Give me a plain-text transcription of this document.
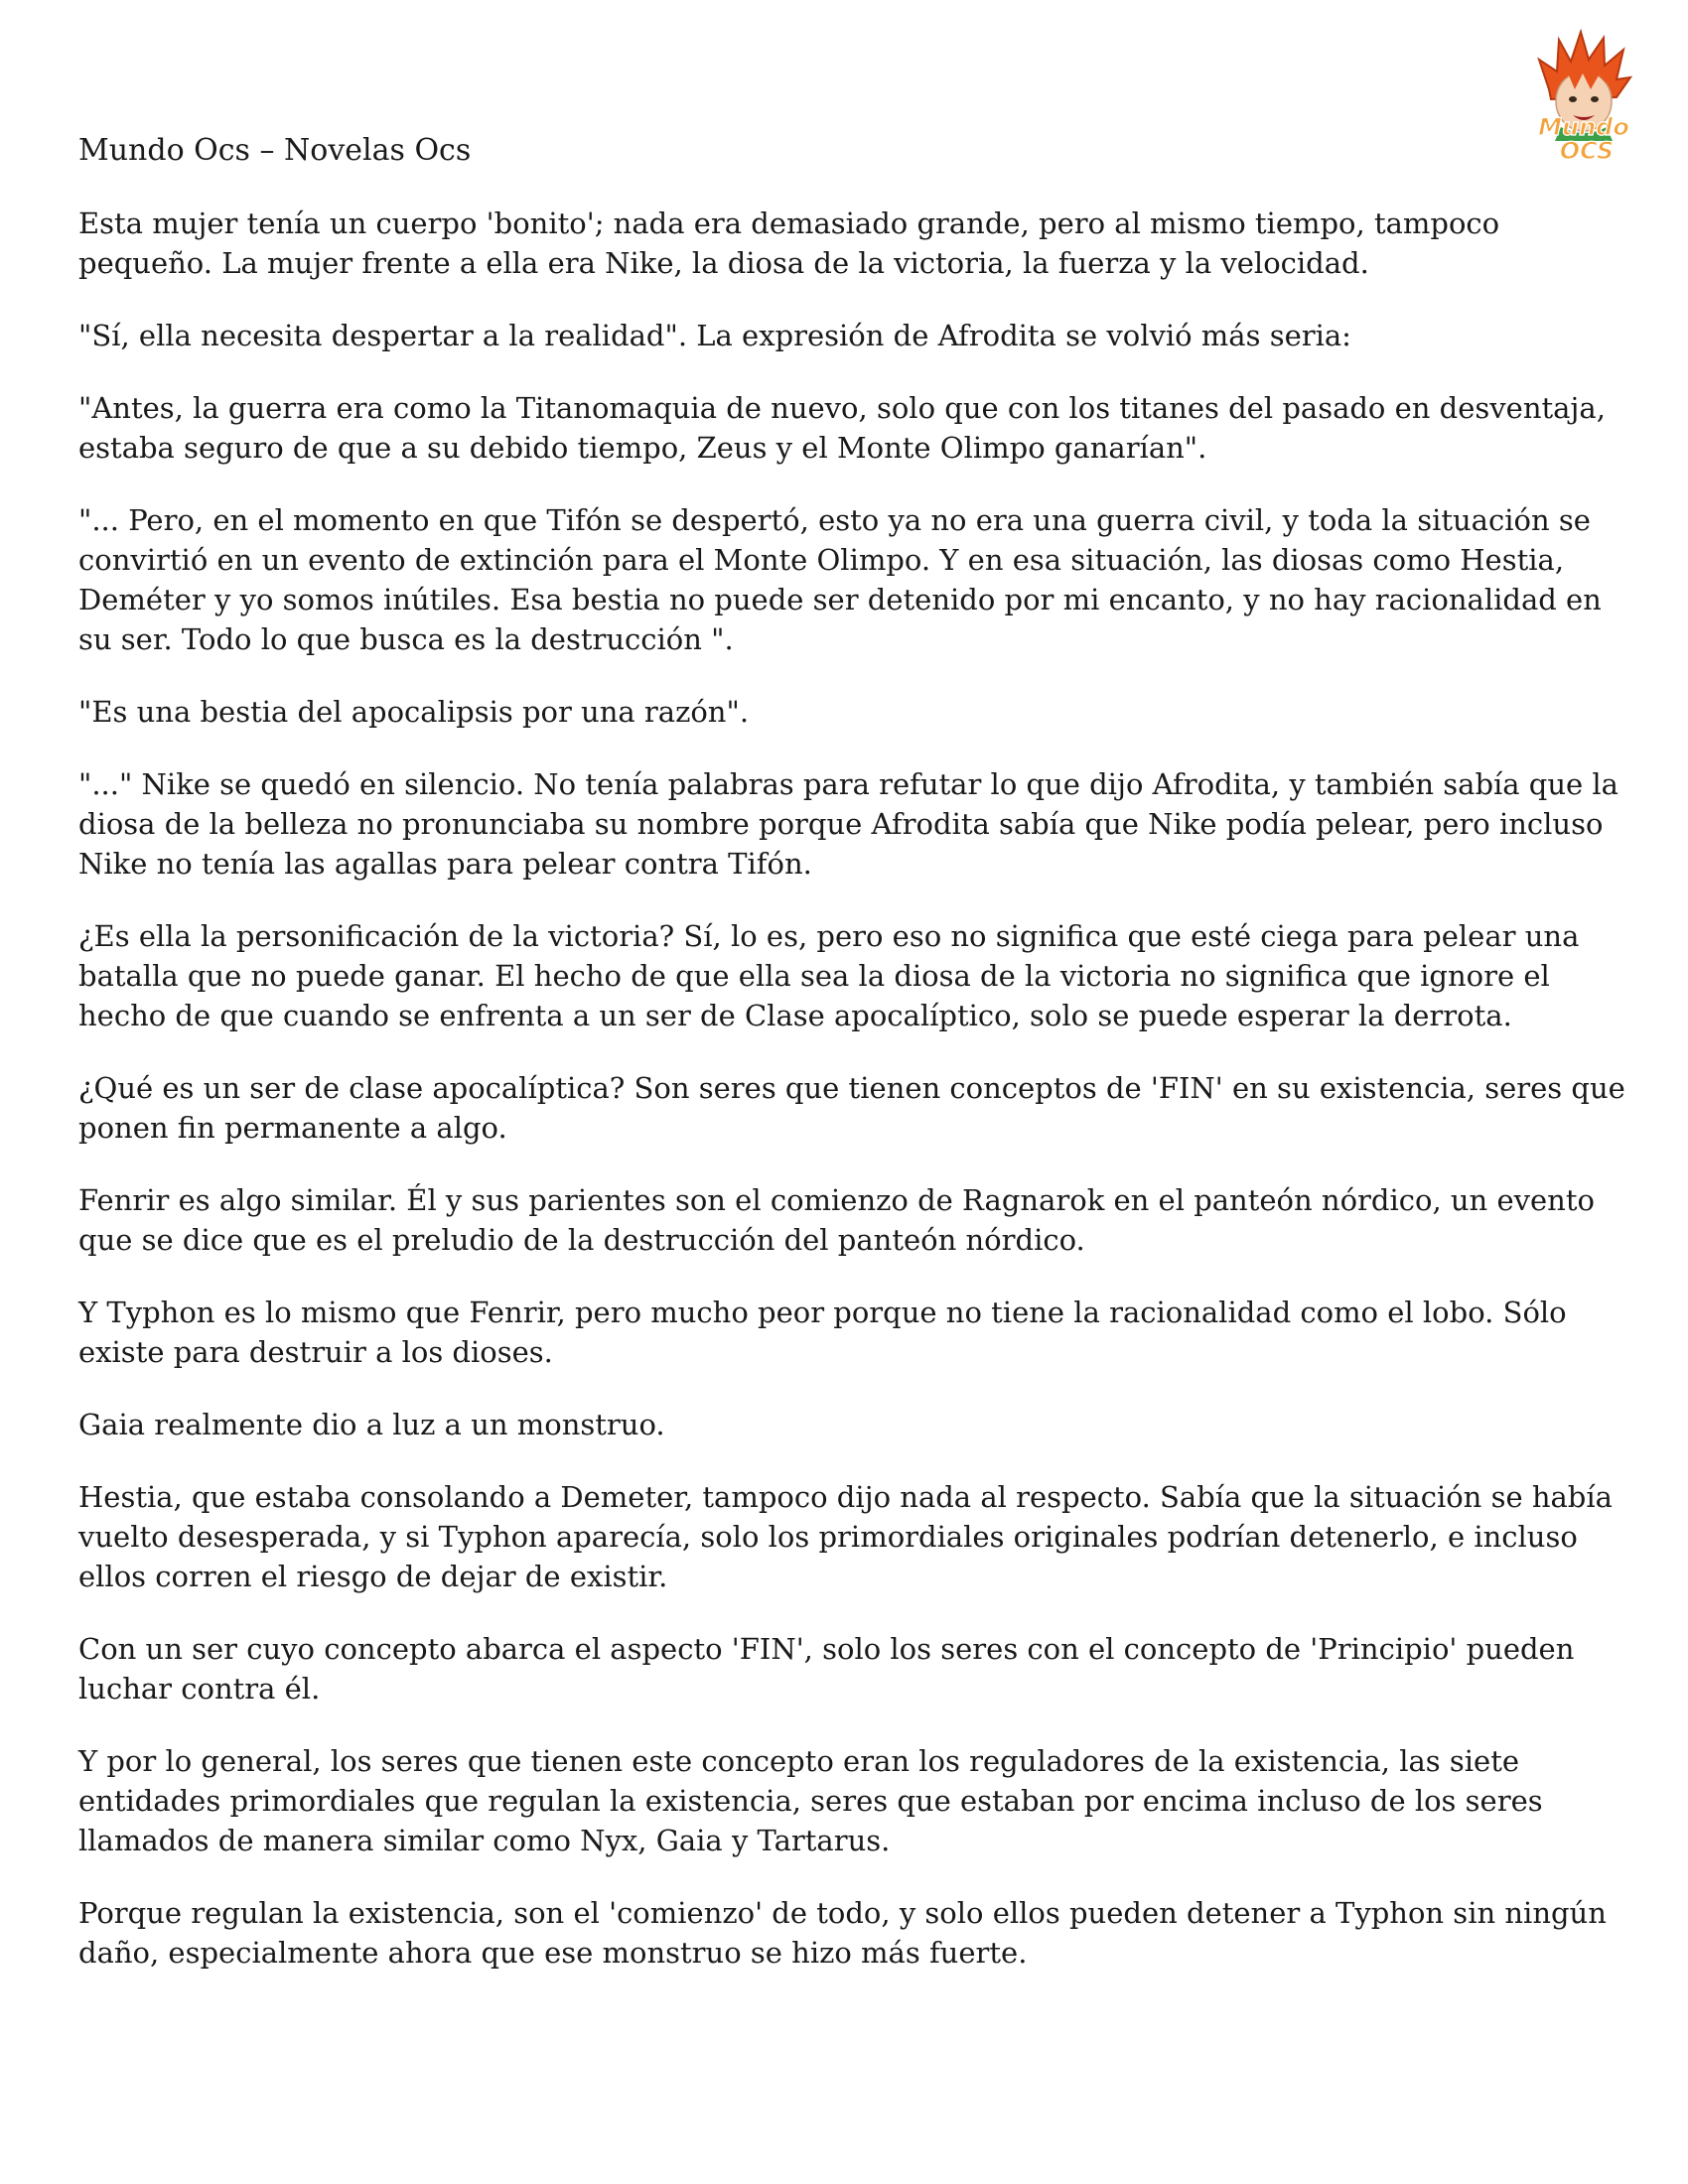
Mundo
OCS
Mundo Ocs – Novelas Ocs

Esta mujer tenía un cuerpo 'bonito'; nada era demasiado grande, pero al mismo tiempo, tampoco pequeño. La mujer frente a ella era Nike, la diosa de la victoria, la fuerza y la velocidad.

"Sí, ella necesita despertar a la realidad". La expresión de Afrodita se volvió más seria:

"Antes, la guerra era como la Titanomaquia de nuevo, solo que con los titanes del pasado en desventaja, estaba seguro de que a su debido tiempo, Zeus y el Monte Olimpo ganarían".

"... Pero, en el momento en que Tifón se despertó, esto ya no era una guerra civil, y toda la situación se convirtió en un evento de extinción para el Monte Olimpo. Y en esa situación, las diosas como Hestia, Deméter y yo somos inútiles. Esa bestia no puede ser detenido por mi encanto, y no hay racionalidad en su ser. Todo lo que busca es la destrucción ".

"Es una bestia del apocalipsis por una razón".

"..." Nike se quedó en silencio. No tenía palabras para refutar lo que dijo Afrodita, y también sabía que la diosa de la belleza no pronunciaba su nombre porque Afrodita sabía que Nike podía pelear, pero incluso Nike no tenía las agallas para pelear contra Tifón.

¿Es ella la personificación de la victoria? Sí, lo es, pero eso no significa que esté ciega para pelear una batalla que no puede ganar. El hecho de que ella sea la diosa de la victoria no significa que ignore el hecho de que cuando se enfrenta a un ser de Clase apocalíptico, solo se puede esperar la derrota.

¿Qué es un ser de clase apocalíptica? Son seres que tienen conceptos de 'FIN' en su existencia, seres que ponen fin permanente a algo.

Fenrir es algo similar. Él y sus parientes son el comienzo de Ragnarok en el panteón nórdico, un evento que se dice que es el preludio de la destrucción del panteón nórdico.

Y Typhon es lo mismo que Fenrir, pero mucho peor porque no tiene la racionalidad como el lobo. Sólo existe para destruir a los dioses.

Gaia realmente dio a luz a un monstruo.

Hestia, que estaba consolando a Demeter, tampoco dijo nada al respecto. Sabía que la situación se había vuelto desesperada, y si Typhon aparecía, solo los primordiales originales podrían detenerlo, e incluso ellos corren el riesgo de dejar de existir.

Con un ser cuyo concepto abarca el aspecto 'FIN', solo los seres con el concepto de 'Principio' pueden luchar contra él.

Y por lo general, los seres que tienen este concepto eran los reguladores de la existencia, las siete entidades primordiales que regulan la existencia, seres que estaban por encima incluso de los seres llamados de manera similar como Nyx, Gaia y Tartarus.

Porque regulan la existencia, son el 'comienzo' de todo, y solo ellos pueden detener a Typhon sin ningún daño, especialmente ahora que ese monstruo se hizo más fuerte.
